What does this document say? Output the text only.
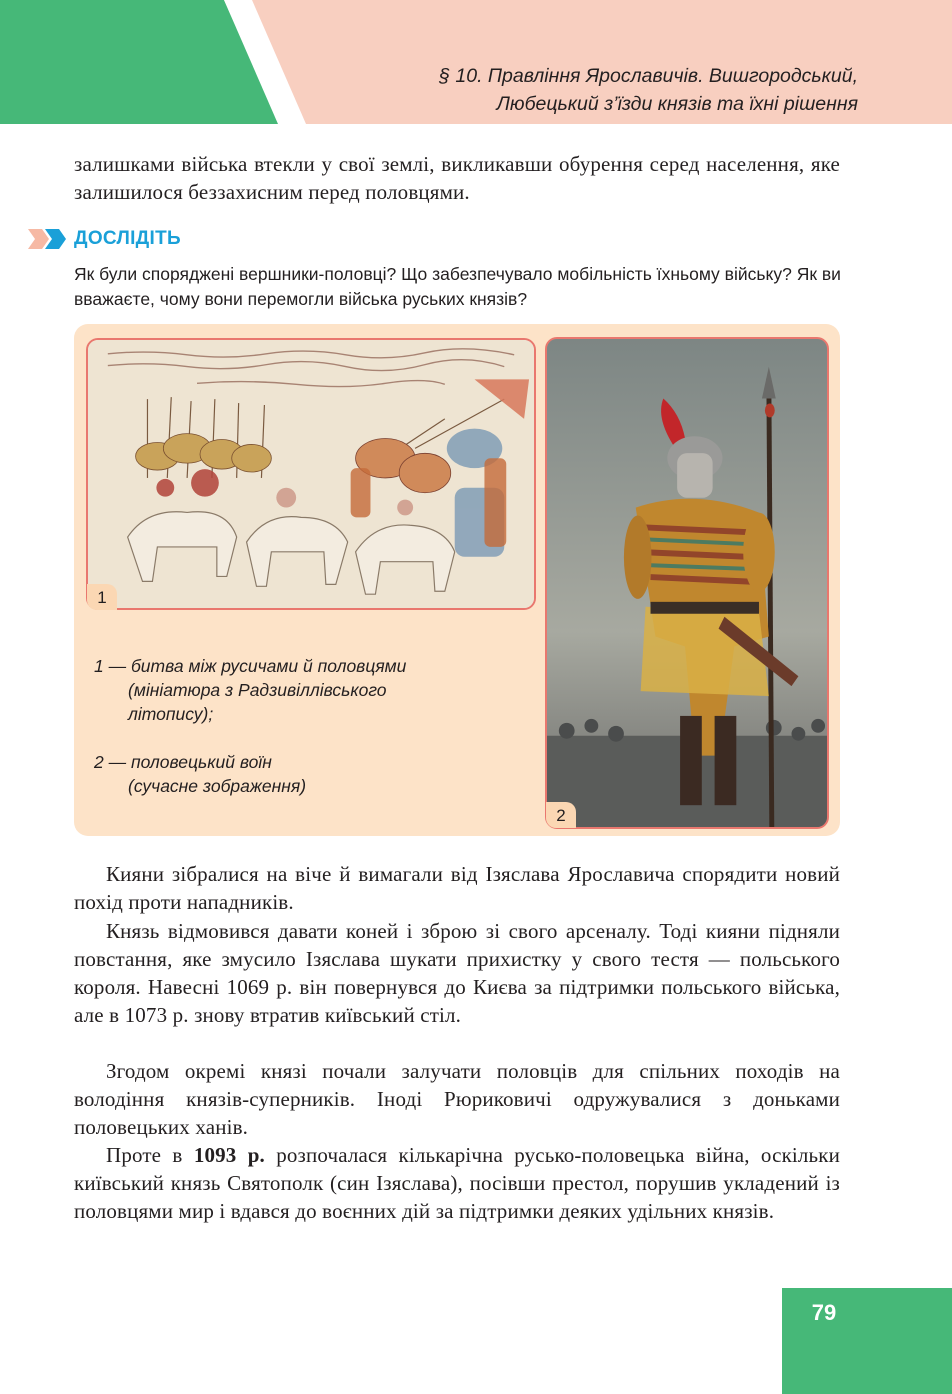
§ 10. Правління Ярославичів. Вишгородський,
Любецький з’їзди князів та їхні рішення
залишками війська втекли у свої землі, викликавши обурення серед населення, яке залишилося беззахисним перед половцями.
ДОСЛІДІТЬ
Як були споряджені вершники-половці? Що забезпечувало мобільність їхньому війську? Як ви вважаєте, чому вони перемогли війська руських князів?
1
2
1 — битва між русичами й половцями
(мініатюра з Радзивіллівського
літопису);
2 — половецький воїн
(сучасне зображення)
Кияни зібралися на віче й вимагали від Ізяслава Ярославича спорядити новий похід проти нападників.
Князь відмовився давати коней і зброю зі свого арсеналу. Тоді кияни підняли повстання, яке змусило Ізяслава шукати прихистку у свого тестя — польського короля. Навесні 1069 р. він повернувся до Києва за підтримки польського війська, але в 1073 р. знову втратив київський стіл.
Згодом окремі князі почали залучати половців для спільних походів на володіння князів-суперників. Іноді Рюриковичі одружувалися з доньками половецьких ханів.
Проте в 1093 р. розпочалася кількарічна русько-половецька війна, оскільки київський князь Святополк (син Ізяслава), посівши престол, порушив укладений із половцями мир і вдався до воєнних дій за підтримки деяких удільних князів.
79
